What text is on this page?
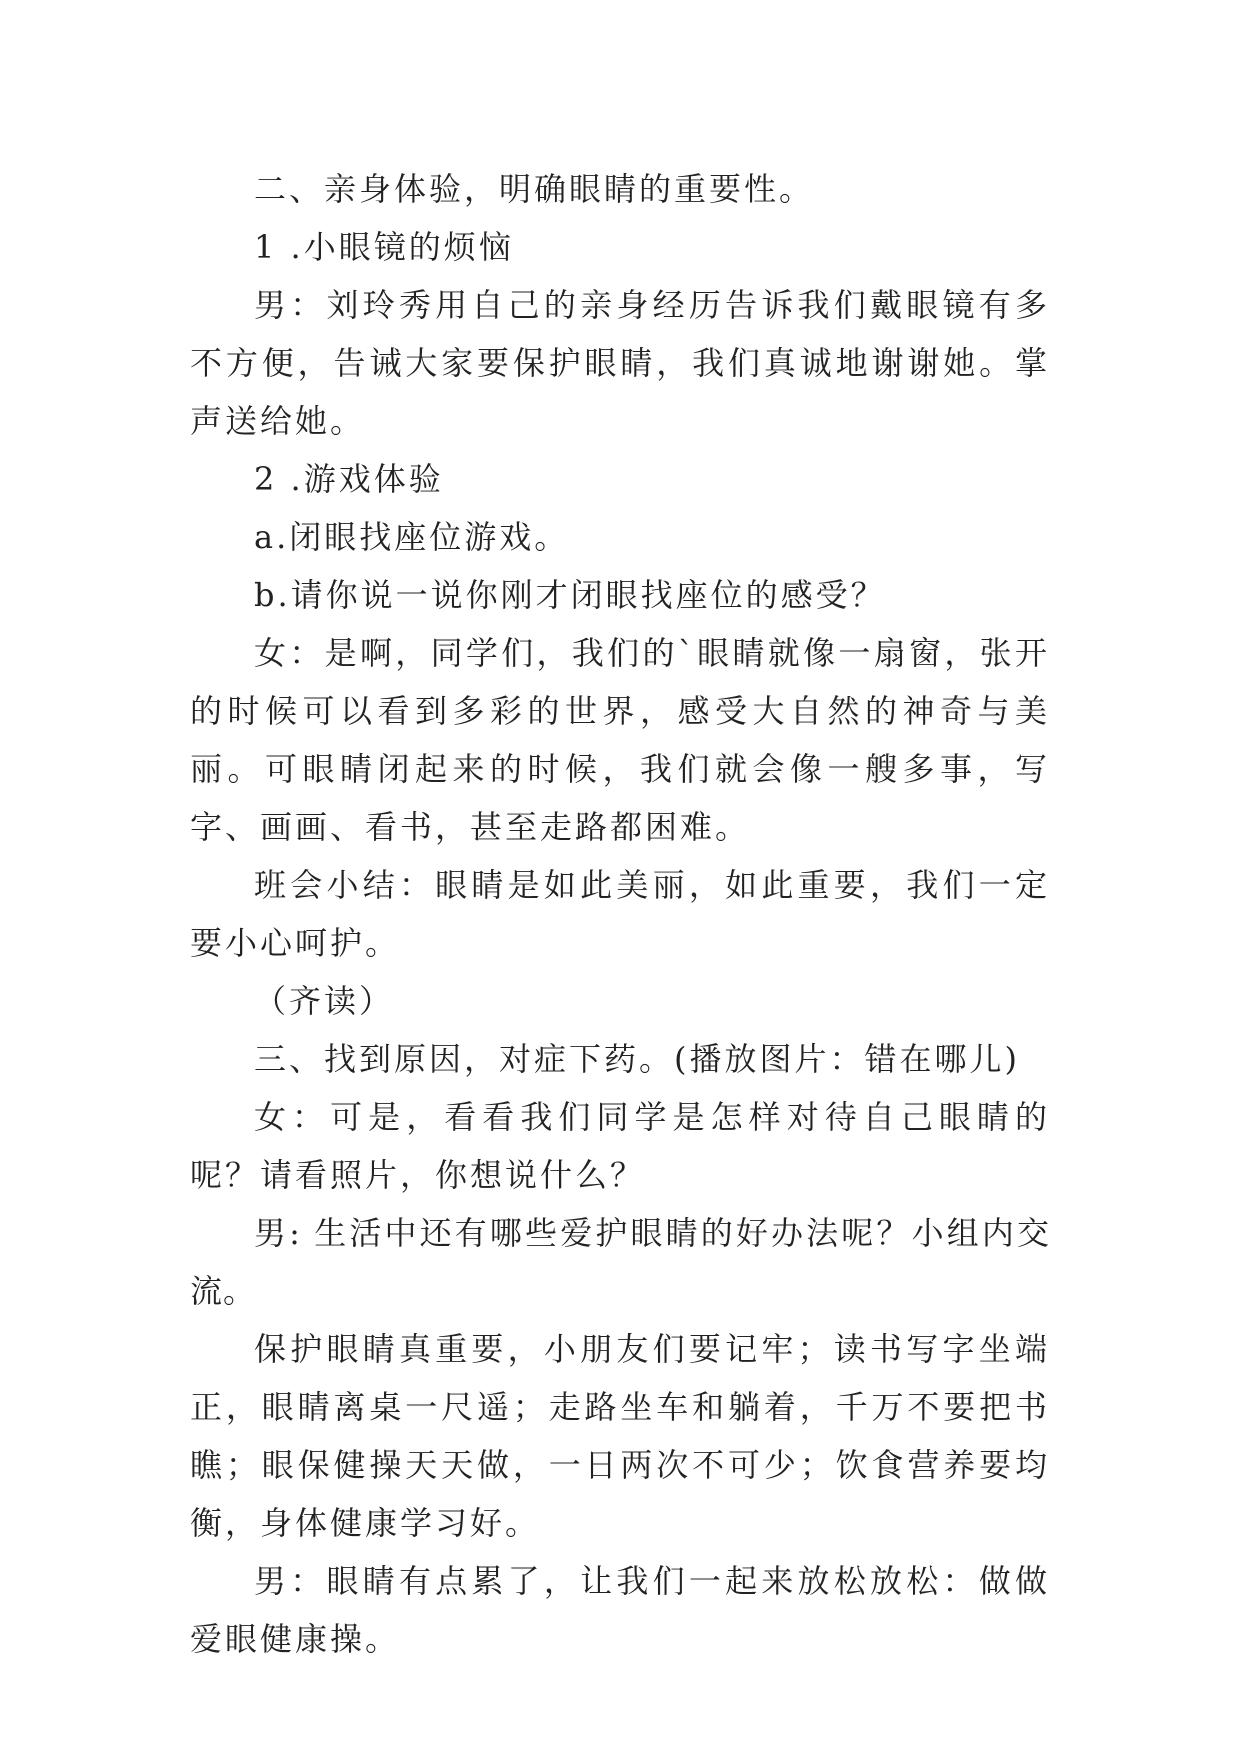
二、亲身体验，明确眼睛的重要性。

1 .小眼镜的烦恼

男：刘玲秀用自己的亲身经历告诉我们戴眼镜有多不方便，告诫大家要保护眼睛，我们真诚地谢谢她。掌声送给她。

2 .游戏体验

a.闭眼找座位游戏。

b.请你说一说你刚才闭眼找座位的感受？

女：是啊，同学们，我们的`眼睛就像一扇窗，张开的时候可以看到多彩的世界，感受大自然的神奇与美丽。可眼睛闭起来的时候，我们就会像一艘多事，写字、画画、看书，甚至走路都困难。

班会小结：眼睛是如此美丽，如此重要，我们一定要小心呵护。

（齐读）

三、找到原因，对症下药。(播放图片：错在哪儿)

女：可是，看看我们同学是怎样对待自己眼睛的呢？请看照片，你想说什么？

男: 生活中还有哪些爱护眼睛的好办法呢？小组内交流。

保护眼睛真重要，小朋友们要记牢；读书写字坐端正，眼睛离桌一尺遥；走路坐车和躺着，千万不要把书瞧；眼保健操天天做，一日两次不可少；饮食营养要均衡，身体健康学习好。

男：眼睛有点累了，让我们一起来放松放松：做做爱眼健康操。
